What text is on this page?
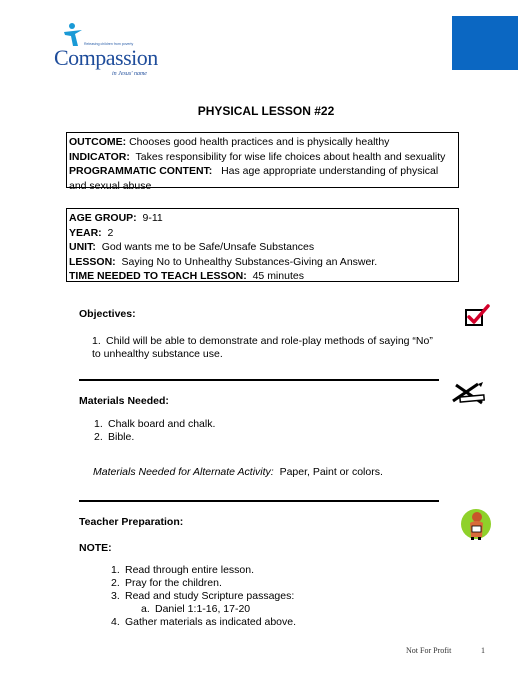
Releasing children from poverty
Compassion
in Jesus' name
PHYSICAL LESSON #22
OUTCOME: Chooses good health practices and is physically healthy
INDICATOR: Takes responsibility for wise life choices about health and sexuality
PROGRAMMATIC CONTENT: Has age appropriate understanding of physical
and sexual abuse
AGE GROUP: 9-11
YEAR: 2
UNIT: God wants me to be Safe/Unsafe Substances
LESSON: Saying No to Unhealthy Substances-Giving an Answer.
TIME NEEDED TO TEACH LESSON: 45 minutes
Objectives:
1. Child will be able to demonstrate and role-play methods of saying “No”
to unhealthy substance use.
Materials Needed:
1. Chalk board and chalk.
2. Bible.
Materials Needed for Alternate Activity: Paper, Paint or colors.
Teacher Preparation:
NOTE:
1. Read through entire lesson.
2. Pray for the children.
3. Read and study Scripture passages:
a. Daniel 1:1-16, 17-20
4. Gather materials as indicated above.
Not For Profit	1
